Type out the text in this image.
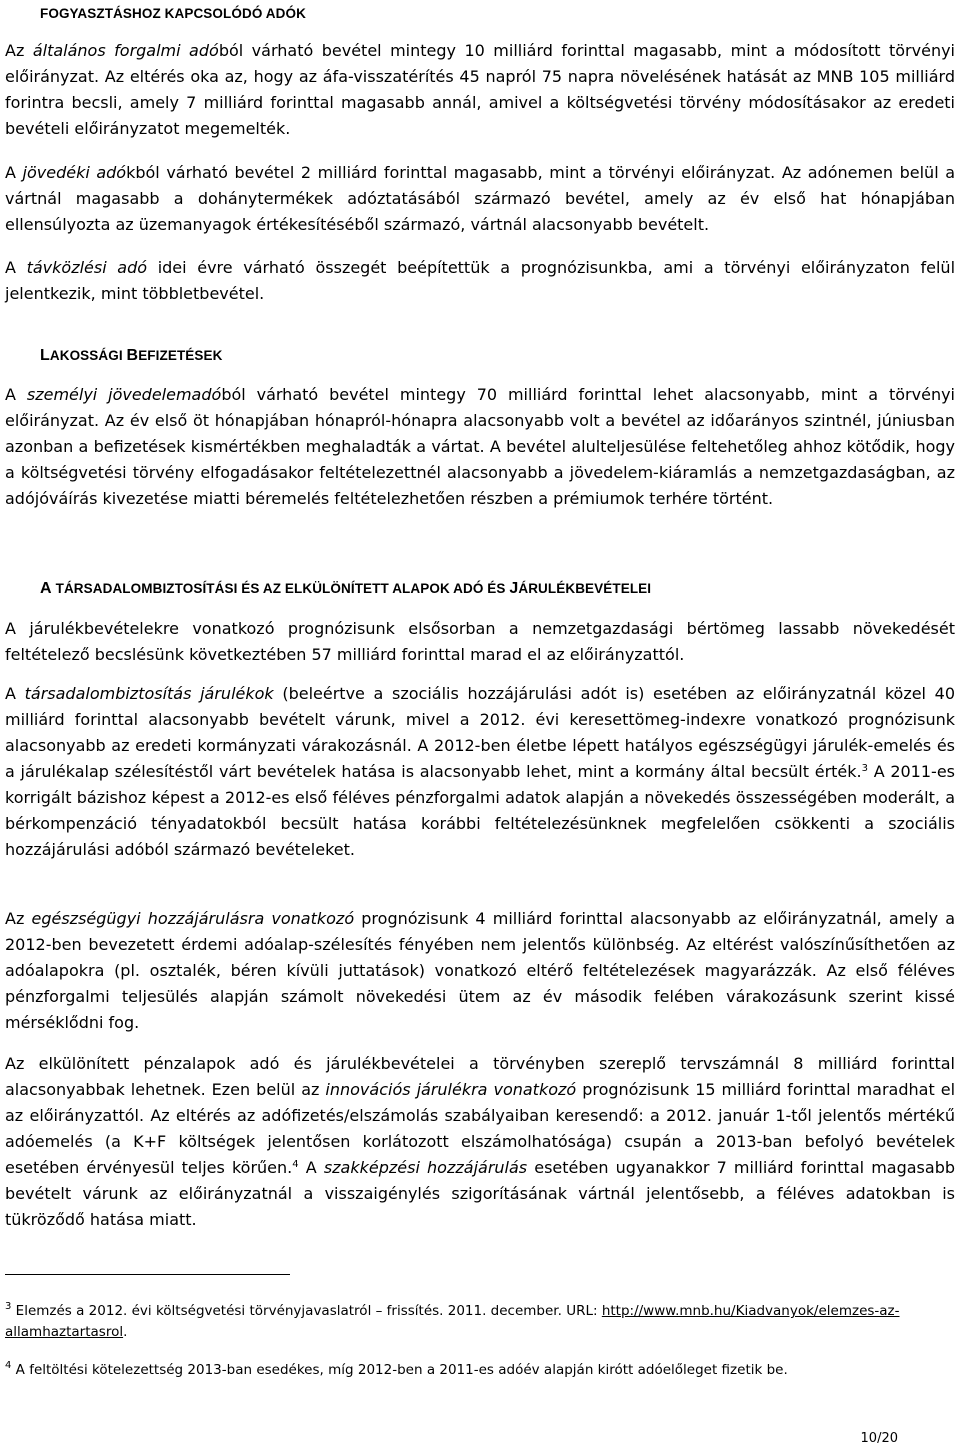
FOGYASZTÁSHOZ KAPCSOLÓDÓ ADÓK

Az általános forgalmi adóból várható bevétel mintegy 10 milliárd forinttal magasabb, mint a módosított törvényi előirányzat. Az eltérés oka az, hogy az áfa-visszatérítés 45 napról 75 napra növelésének hatását az MNB 105 milliárd forintra becsli, amely 7 milliárd forinttal magasabb annál, amivel a költségvetési törvény módosításakor az eredeti bevételi előirányzatot megemelték.

A jövedéki adókból várható bevétel 2 milliárd forinttal magasabb, mint a törvényi előirányzat. Az adónemen belül a vártnál magasabb a dohánytermékek adóztatásából származó bevétel, amely az év első hat hónapjában ellensúlyozta az üzemanyagok értékesítéséből származó, vártnál alacsonyabb bevételt.

A távközlési adó idei évre várható összegét beépítettük a prognózisunkba, ami a törvényi előirányzaton felül jelentkezik, mint többletbevétel.

LAKOSSÁGI BEFIZETÉSEK

A személyi jövedelemadóból várható bevétel mintegy 70 milliárd forinttal lehet alacsonyabb, mint a törvényi előirányzat. Az év első öt hónapjában hónapról-hónapra alacsonyabb volt a bevétel az időarányos szintnél, júniusban azonban a befizetések kismértékben meghaladták a vártat. A bevétel alulteljesülése feltehetőleg ahhoz kötődik, hogy a költségvetési törvény elfogadásakor feltételezettnél alacsonyabb a jövedelem-kiáramlás a nemzetgazdaságban, az adójóváírás kivezetése miatti béremelés feltételezhetően részben a prémiumok terhére történt.

A TÁRSADALOMBIZTOSÍTÁSI ÉS AZ ELKÜLÖNÍTETT ALAPOK ADÓ ÉS JÁRULÉKBEVÉTELEI

A járulékbevételekre vonatkozó prognózisunk elsősorban a nemzetgazdasági bértömeg lassabb növekedését feltételező becslésünk következtében 57 milliárd forinttal marad el az előirányzattól.

A társadalombiztosítás járulékok (beleértve a szociális hozzájárulási adót is) esetében az előirányzatnál közel 40 milliárd forinttal alacsonyabb bevételt várunk, mivel a 2012. évi keresettömeg-indexre vonatkozó prognózisunk alacsonyabb az eredeti kormányzati várakozásnál. A 2012-ben életbe lépett hatályos egészségügyi járulék-emelés és a járulékalap szélesítéstől várt bevételek hatása is alacsonyabb lehet, mint a kormány által becsült érték.$^3$ A 2011-es korrigált bázishoz képest a 2012-es első féléves pénzforgalmi adatok alapján a növekedés összességében moderált, a bérkompenzáció tényadatokból becsült hatása korábbi feltételezésünknek megfelelően csökkenti a szociális hozzájárulási adóból származó bevételeket.

Az egészségügyi hozzájárulásra vonatkozó prognózisunk 4 milliárd forinttal alacsonyabb az előirányzatnál, amely a 2012-ben bevezetett érdemi adóalap-szélesítés fényében nem jelentős különbség. Az eltérést valószínűsíthetően az adóalapokra (pl. osztalék, béren kívüli juttatások) vonatkozó eltérő feltételezések magyarázzák. Az első féléves pénzforgalmi teljesülés alapján számolt növekedési ütem az év második felében várakozásunk szerint kissé mérséklődni fog.

Az elkülönített pénzalapok adó és járulékbevételei a törvényben szereplő tervszámnál 8 milliárd forinttal alacsonyabbak lehetnek. Ezen belül az innovációs járulékra vonatkozó prognózisunk 15 milliárd forinttal maradhat el az előirányzattól. Az eltérés az adófizetés/elszámolás szabályaiban keresendő: a 2012. január 1-től jelentős mértékű adóemelés (a K+F költségek jelentősen korlátozott elszámolhatósága) csupán a 2013-ban befolyó bevételek esetében érvényesül teljes körűen.$^4$ A szakképzési hozzájárulás esetében ugyanakkor 7 milliárd forinttal magasabb bevételt várunk az előirányzatnál a visszaigénylés szigorításának vártnál jelentősebb, a féléves adatokban is tükröződő hatása miatt.

$^3$ Elemzés a 2012. évi költségvetési törvényjavaslatról – frissítés. 2011. december. URL: http://www.mnb.hu/Kiadvanyok/elemzes-az-allamhaztartasrol.

$^4$ A feltöltési kötelezettség 2013-ban esedékes, míg 2012-ben a 2011-es adóév alapján kirótt adóelőleget fizetik be.

10/20
